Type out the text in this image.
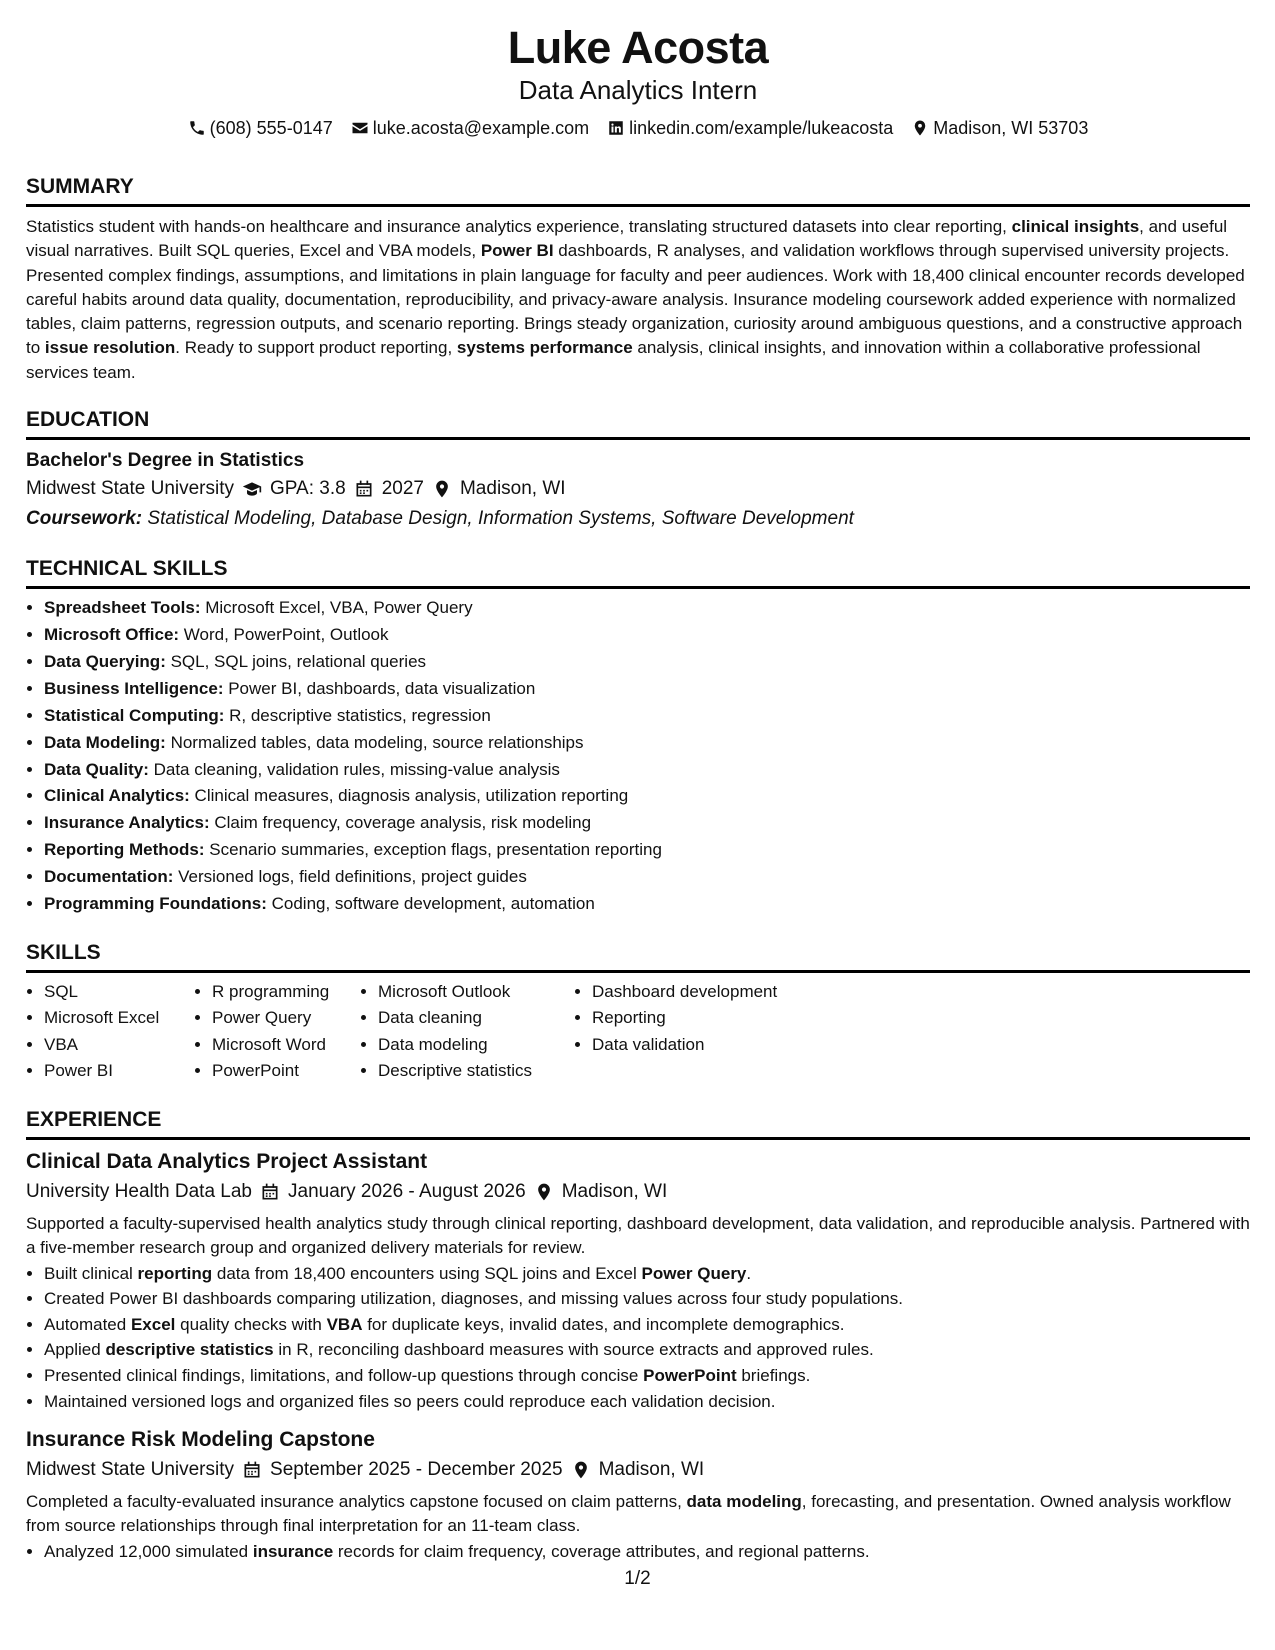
Luke Acosta
Data Analytics Intern
(608) 555-0147 luke.acosta@example.com linkedin.com/example/lukeacosta Madison, WI 53703
SUMMARY
Statistics student with hands-on healthcare and insurance analytics experience, translating structured datasets into clear reporting, clinical insights, and useful visual narratives. Built SQL queries, Excel and VBA models, Power BI dashboards, R analyses, and validation workflows through supervised university projects. Presented complex findings, assumptions, and limitations in plain language for faculty and peer audiences. Work with 18,400 clinical encounter records developed careful habits around data quality, documentation, reproducibility, and privacy-aware analysis. Insurance modeling coursework added experience with normalized tables, claim patterns, regression outputs, and scenario reporting. Brings steady organization, curiosity around ambiguous questions, and a constructive approach to issue resolution. Ready to support product reporting, systems performance analysis, clinical insights, and innovation within a collaborative professional services team.
EDUCATION
Bachelor's Degree in Statistics
Midwest State University GPA: 3.8 2027 Madison, WI
Coursework: Statistical Modeling, Database Design, Information Systems, Software Development
TECHNICAL SKILLS
• Spreadsheet Tools: Microsoft Excel, VBA, Power Query
• Microsoft Office: Word, PowerPoint, Outlook
• Data Querying: SQL, SQL joins, relational queries
• Business Intelligence: Power BI, dashboards, data visualization
• Statistical Computing: R, descriptive statistics, regression
• Data Modeling: Normalized tables, data modeling, source relationships
• Data Quality: Data cleaning, validation rules, missing-value analysis
• Clinical Analytics: Clinical measures, diagnosis analysis, utilization reporting
• Insurance Analytics: Claim frequency, coverage analysis, risk modeling
• Reporting Methods: Scenario summaries, exception flags, presentation reporting
• Documentation: Versioned logs, field definitions, project guides
• Programming Foundations: Coding, software development, automation
SKILLS
• SQL
• Microsoft Excel
• VBA
• Power BI
• R programming
• Power Query
• Microsoft Word
• PowerPoint
• Microsoft Outlook
• Data cleaning
• Data modeling
• Descriptive statistics
• Dashboard development
• Reporting
• Data validation
EXPERIENCE
Clinical Data Analytics Project Assistant
University Health Data Lab January 2026 - August 2026 Madison, WI
Supported a faculty-supervised health analytics study through clinical reporting, dashboard development, data validation, and reproducible analysis. Partnered with a five-member research group and organized delivery materials for review.
• Built clinical reporting data from 18,400 encounters using SQL joins and Excel Power Query.
• Created Power BI dashboards comparing utilization, diagnoses, and missing values across four study populations.
• Automated Excel quality checks with VBA for duplicate keys, invalid dates, and incomplete demographics.
• Applied descriptive statistics in R, reconciling dashboard measures with source extracts and approved rules.
• Presented clinical findings, limitations, and follow-up questions through concise PowerPoint briefings.
• Maintained versioned logs and organized files so peers could reproduce each validation decision.
Insurance Risk Modeling Capstone
Midwest State University September 2025 - December 2025 Madison, WI
Completed a faculty-evaluated insurance analytics capstone focused on claim patterns, data modeling, forecasting, and presentation. Owned analysis workflow from source relationships through final interpretation for an 11-team class.
• Analyzed 12,000 simulated insurance records for claim frequency, coverage attributes, and regional patterns.
1/2
